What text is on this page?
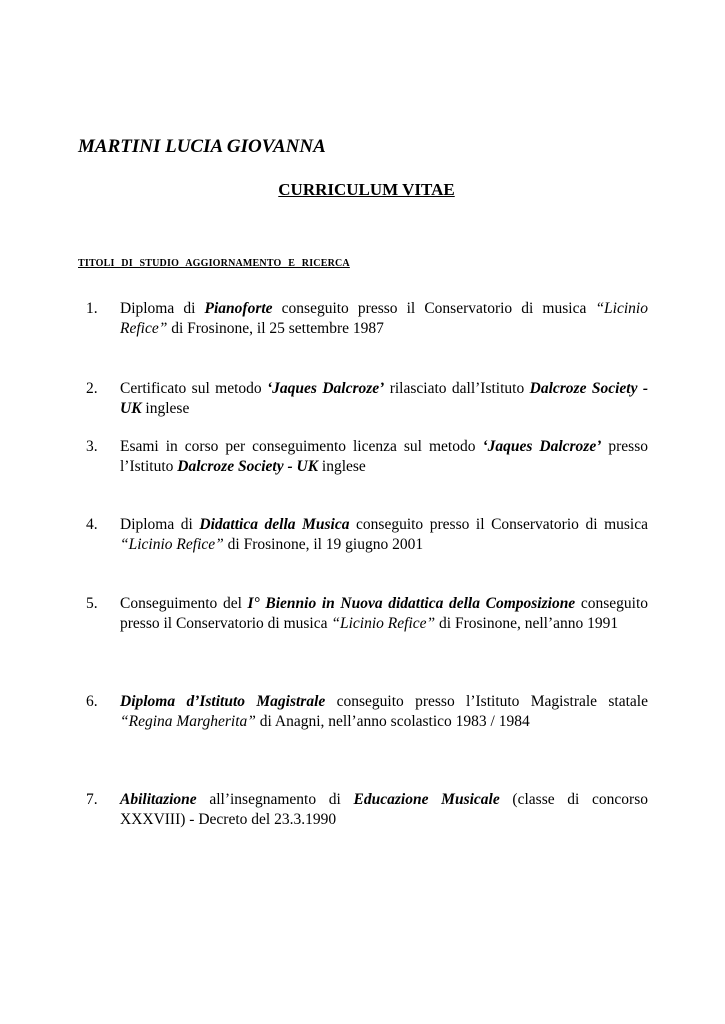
MARTINI LUCIA GIOVANNA
CURRICULUM VITAE
TITOLI DI STUDIO AGGIORNAMENTO E RICERCA
1. Diploma di Pianoforte conseguito presso il Conservatorio di musica “Licinio Refice” di Frosinone, il 25 settembre 1987
2. Certificato sul metodo ‘Jaques Dalcroze’ rilasciato dall’Istituto Dalcroze Society - UK inglese
3. Esami in corso per conseguimento licenza sul metodo ‘Jaques Dalcroze’ presso l’Istituto Dalcroze Society - UK inglese
4. Diploma di Didattica della Musica conseguito presso il Conservatorio di musica “Licinio Refice” di Frosinone, il 19 giugno 2001
5. Conseguimento del I° Biennio in Nuova didattica della Composizione conseguito presso il Conservatorio di musica “Licinio Refice” di Frosinone, nell’anno 1991
6. Diploma d’Istituto Magistrale conseguito presso l’Istituto Magistrale statale “Regina Margherita” di Anagni, nell’anno scolastico 1983 / 1984
7. Abilitazione all’insegnamento di Educazione Musicale (classe di concorso XXXVIII) - Decreto del 23.3.1990
